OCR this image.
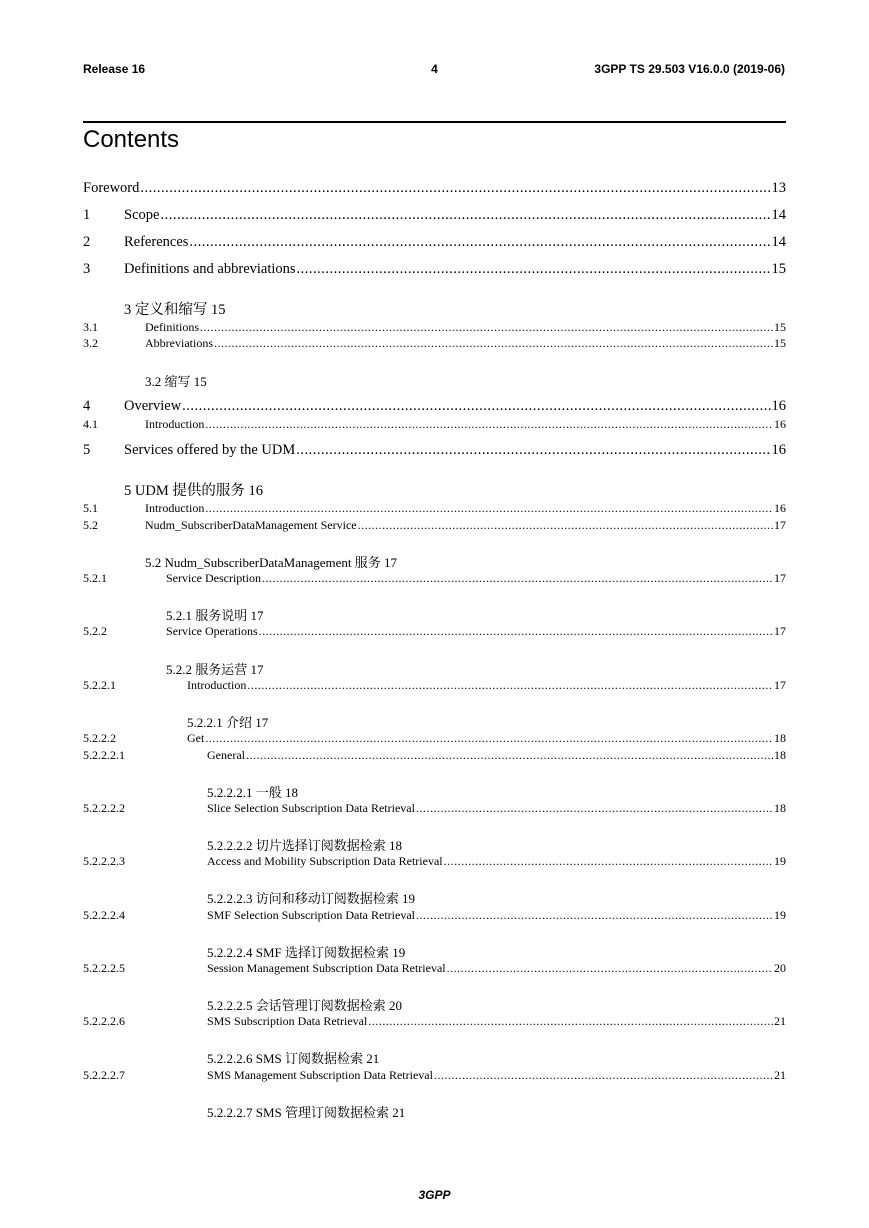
Release 16	4	3GPP TS 29.503 V16.0.0 (2019-06)
Contents
Foreword .....	13
1 Scope .....	14
2 References .....	14
3 Definitions and abbreviations .....	15
3 定义和缩写 15
3.1	Definitions .....	15
3.2	Abbreviations .....	15
3.2 缩写 15
4 Overview .....	16
4.1	Introduction .....	16
5 Services offered by the UDM .....	16
5 UDM 提供的服务 16
5.1	Introduction .....	16
5.2	Nudm_SubscriberDataManagement Service .....	17
5.2 Nudm_SubscriberDataManagement 服务 17
5.2.1	Service Description .....	17
5.2.1 服务说明 17
5.2.2	Service Operations .....	17
5.2.2 服务运营 17
5.2.2.1	Introduction .....	17
5.2.2.1 介绍 17
5.2.2.2	Get .....	18
5.2.2.2.1	General .....	18
5.2.2.2.1 一般 18
5.2.2.2.2	Slice Selection Subscription Data Retrieval .....	18
5.2.2.2.2 切片选择订阅数据检索 18
5.2.2.2.3	Access and Mobility Subscription Data Retrieval .....	19
5.2.2.2.3 访问和移动订阅数据检索 19
5.2.2.2.4	SMF Selection Subscription Data Retrieval .....	19
5.2.2.2.4 SMF 选择订阅数据检索 19
5.2.2.2.5	Session Management Subscription Data Retrieval .....	20
5.2.2.2.5 会话管理订阅数据检索 20
5.2.2.2.6	SMS Subscription Data Retrieval .....	21
5.2.2.2.6 SMS 订阅数据检索 21
5.2.2.2.7	SMS Management Subscription Data Retrieval .....	21
5.2.2.2.7 SMS 管理订阅数据检索 21
3GPP
